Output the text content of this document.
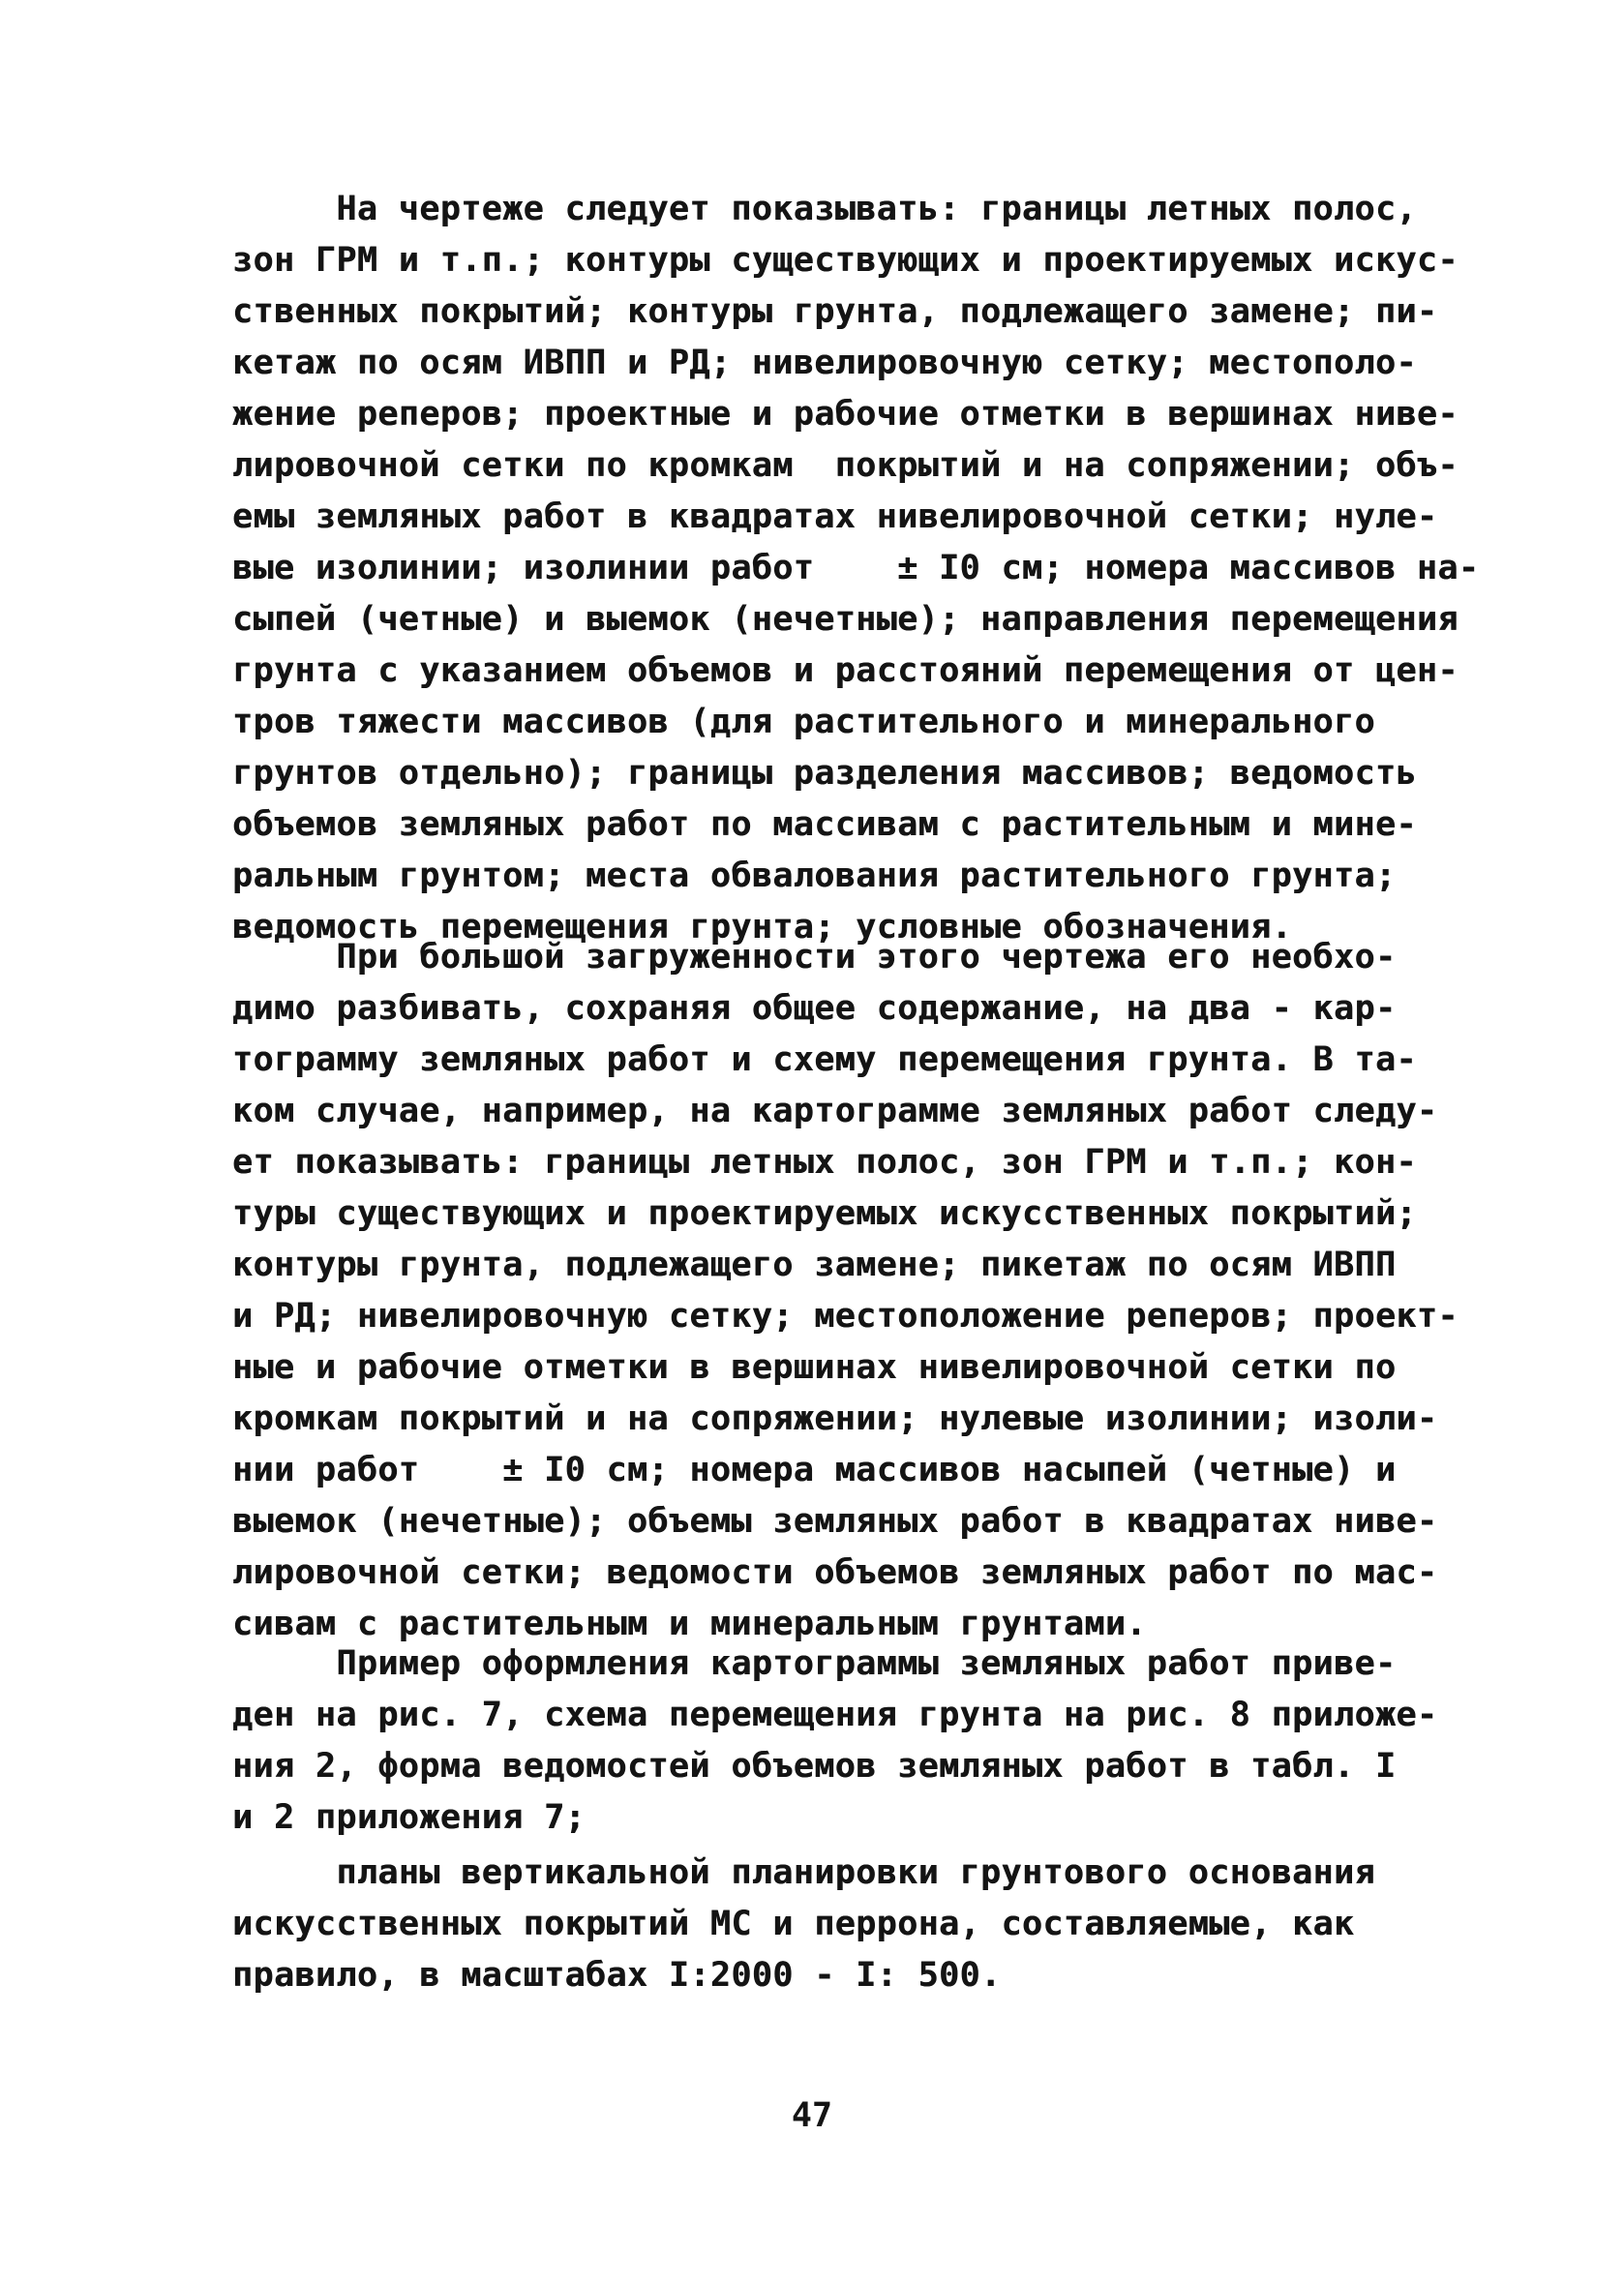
На чертеже следует показывать: границы летных полос,
зон ГРМ и т.п.; контуры существующих и проектируемых искус-
ственных покрытий; контуры грунта, подлежащего замене; пи-
кетаж по осям ИВПП и РД; нивелировочную сетку; местополо-
жение реперов; проектные и рабочие отметки в вершинах ниве-
лировочной сетки по кромкам  покрытий и на сопряжении; объ-
емы земляных работ в квадратах нивелировочной сетки; нуле-
вые изолинии; изолинии работ    ± I0 см; номера массивов на-
сыпей (четные) и выемок (нечетные); направления перемещения
грунта с указанием объемов и расстояний перемещения от цен-
тров тяжести массивов (для растительного и минерального
грунтов отдельно); границы разделения массивов; ведомость
объемов земляных работ по массивам с растительным и мине-
ральным грунтом; места обвалования растительного грунта;
ведомость перемещения грунта; условные обозначения.
При большой загруженности этого чертежа его необхо-
димо разбивать, сохраняя общее содержание, на два - кар-
тограмму земляных работ и схему перемещения грунта. В та-
ком случае, например, на картограмме земляных работ следу-
ет показывать: границы летных полос, зон ГРМ и т.п.; кон-
туры существующих и проектируемых искусственных покрытий;
контуры грунта, подлежащего замене; пикетаж по осям ИВПП
и РД; нивелировочную сетку; местоположение реперов; проект-
ные и рабочие отметки в вершинах нивелировочной сетки по
кромкам покрытий и на сопряжении; нулевые изолинии; изоли-
нии работ    ± I0 см; номера массивов насыпей (четные) и
выемок (нечетные); объемы земляных работ в квадратах ниве-
лировочной сетки; ведомости объемов земляных работ по мас-
сивам с растительным и минеральным грунтами.
Пример оформления картограммы земляных работ приве-
ден на рис. 7, схема перемещения грунта на рис. 8 приложе-
ния 2, форма ведомостей объемов земляных работ в табл. I
и 2 приложения 7;
планы вертикальной планировки грунтового основания
искусственных покрытий МС и перрона, составляемые, как
правило, в масштабах I:2000 - I: 500.
47
